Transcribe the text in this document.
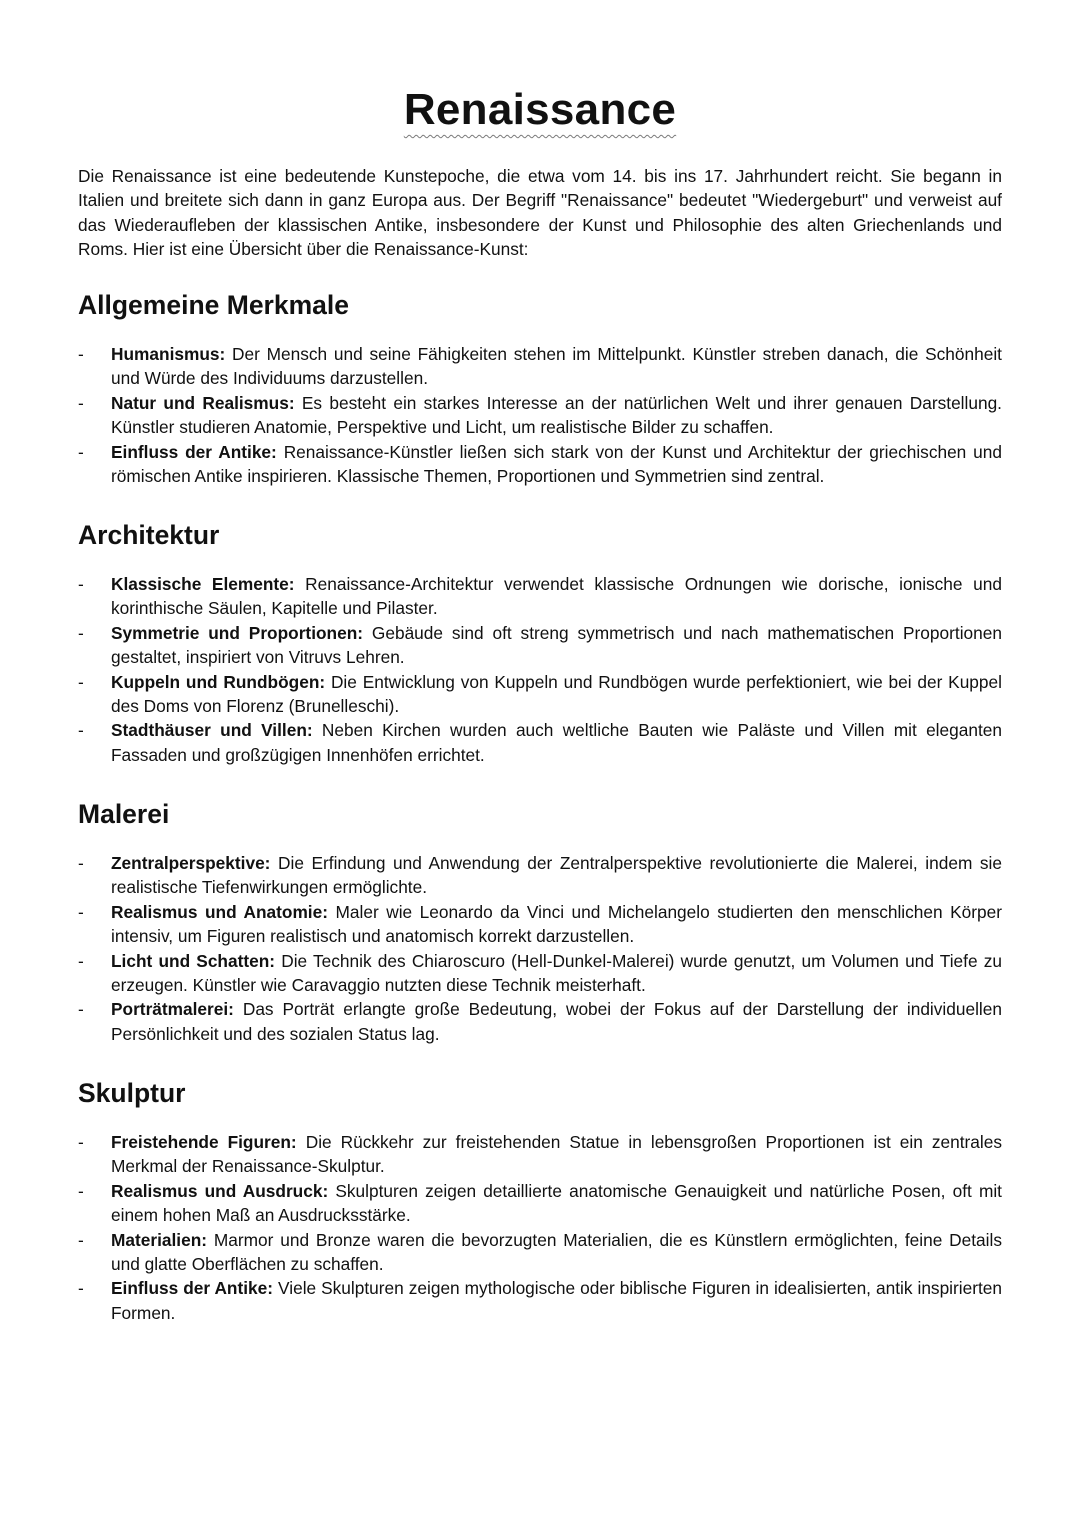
Renaissance

Die Renaissance ist eine bedeutende Kunstepoche, die etwa vom 14. bis ins 17. Jahrhundert reicht. Sie begann in Italien und breitete sich dann in ganz Europa aus. Der Begriff "Renaissance" bedeutet "Wiedergeburt" und verweist auf das Wiederaufleben der klassischen Antike, insbesondere der Kunst und Philosophie des alten Griechenlands und Roms. Hier ist eine Übersicht über die Renaissance-Kunst:

Allgemeine Merkmale
- Humanismus: Der Mensch und seine Fähigkeiten stehen im Mittelpunkt. Künstler streben danach, die Schönheit und Würde des Individuums darzustellen.
- Natur und Realismus: Es besteht ein starkes Interesse an der natürlichen Welt und ihrer genauen Darstellung. Künstler studieren Anatomie, Perspektive und Licht, um realistische Bilder zu schaffen.
- Einfluss der Antike: Renaissance-Künstler ließen sich stark von der Kunst und Architektur der griechischen und römischen Antike inspirieren. Klassische Themen, Proportionen und Symmetrien sind zentral.
Architektur
- Klassische Elemente: Renaissance-Architektur verwendet klassische Ordnungen wie dorische, ionische und korinthische Säulen, Kapitelle und Pilaster.
- Symmetrie und Proportionen: Gebäude sind oft streng symmetrisch und nach mathematischen Proportionen gestaltet, inspiriert von Vitruvs Lehren.
- Kuppeln und Rundbögen: Die Entwicklung von Kuppeln und Rundbögen wurde perfektioniert, wie bei der Kuppel des Doms von Florenz (Brunelleschi).
- Stadthäuser und Villen: Neben Kirchen wurden auch weltliche Bauten wie Paläste und Villen mit eleganten Fassaden und großzügigen Innenhöfen errichtet.
Malerei
- Zentralperspektive: Die Erfindung und Anwendung der Zentralperspektive revolutionierte die Malerei, indem sie realistische Tiefenwirkungen ermöglichte.
- Realismus und Anatomie: Maler wie Leonardo da Vinci und Michelangelo studierten den menschlichen Körper intensiv, um Figuren realistisch und anatomisch korrekt darzustellen.
- Licht und Schatten: Die Technik des Chiaroscuro (Hell-Dunkel-Malerei) wurde genutzt, um Volumen und Tiefe zu erzeugen. Künstler wie Caravaggio nutzten diese Technik meisterhaft.
- Porträtmalerei: Das Porträt erlangte große Bedeutung, wobei der Fokus auf der Darstellung der individuellen Persönlichkeit und des sozialen Status lag.
Skulptur
- Freistehende Figuren: Die Rückkehr zur freistehenden Statue in lebensgroßen Proportionen ist ein zentrales Merkmal der Renaissance-Skulptur.
- Realismus und Ausdruck: Skulpturen zeigen detaillierte anatomische Genauigkeit und natürliche Posen, oft mit einem hohen Maß an Ausdrucksstärke.
- Materialien: Marmor und Bronze waren die bevorzugten Materialien, die es Künstlern ermöglichten, feine Details und glatte Oberflächen zu schaffen.
- Einfluss der Antike: Viele Skulpturen zeigen mythologische oder biblische Figuren in idealisierten, antik inspirierten Formen.
